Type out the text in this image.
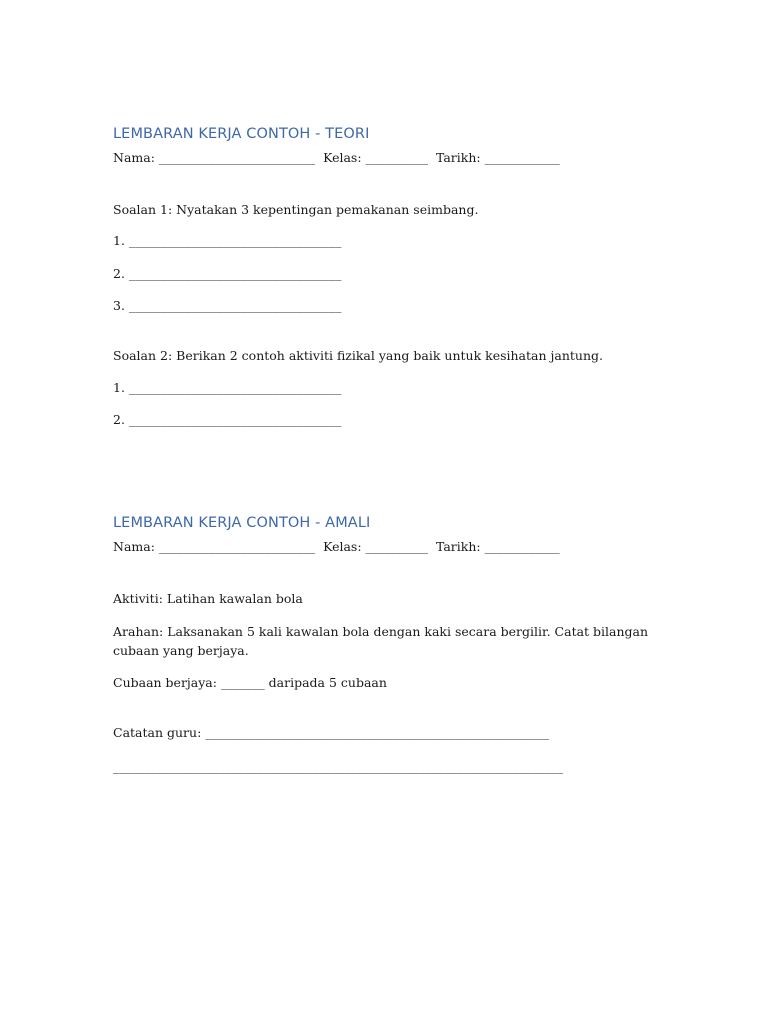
LEMBARAN KERJA CONTOH - TEORI
Nama: _________________________  Kelas: __________  Tarikh: ____________
Soalan 1: Nyatakan 3 kepentingan pemakanan seimbang.
1. __________________________________
2. __________________________________
3. __________________________________
Soalan 2: Berikan 2 contoh aktiviti fizikal yang baik untuk kesihatan jantung.
1. __________________________________
2. __________________________________
LEMBARAN KERJA CONTOH - AMALI
Nama: _________________________  Kelas: __________  Tarikh: ____________
Aktiviti: Latihan kawalan bola
Arahan: Laksanakan 5 kali kawalan bola dengan kaki secara bergilir. Catat bilangan cubaan yang berjaya.
Cubaan berjaya: _______ daripada 5 cubaan
Catatan guru: _______________________________________________________
________________________________________________________________________
